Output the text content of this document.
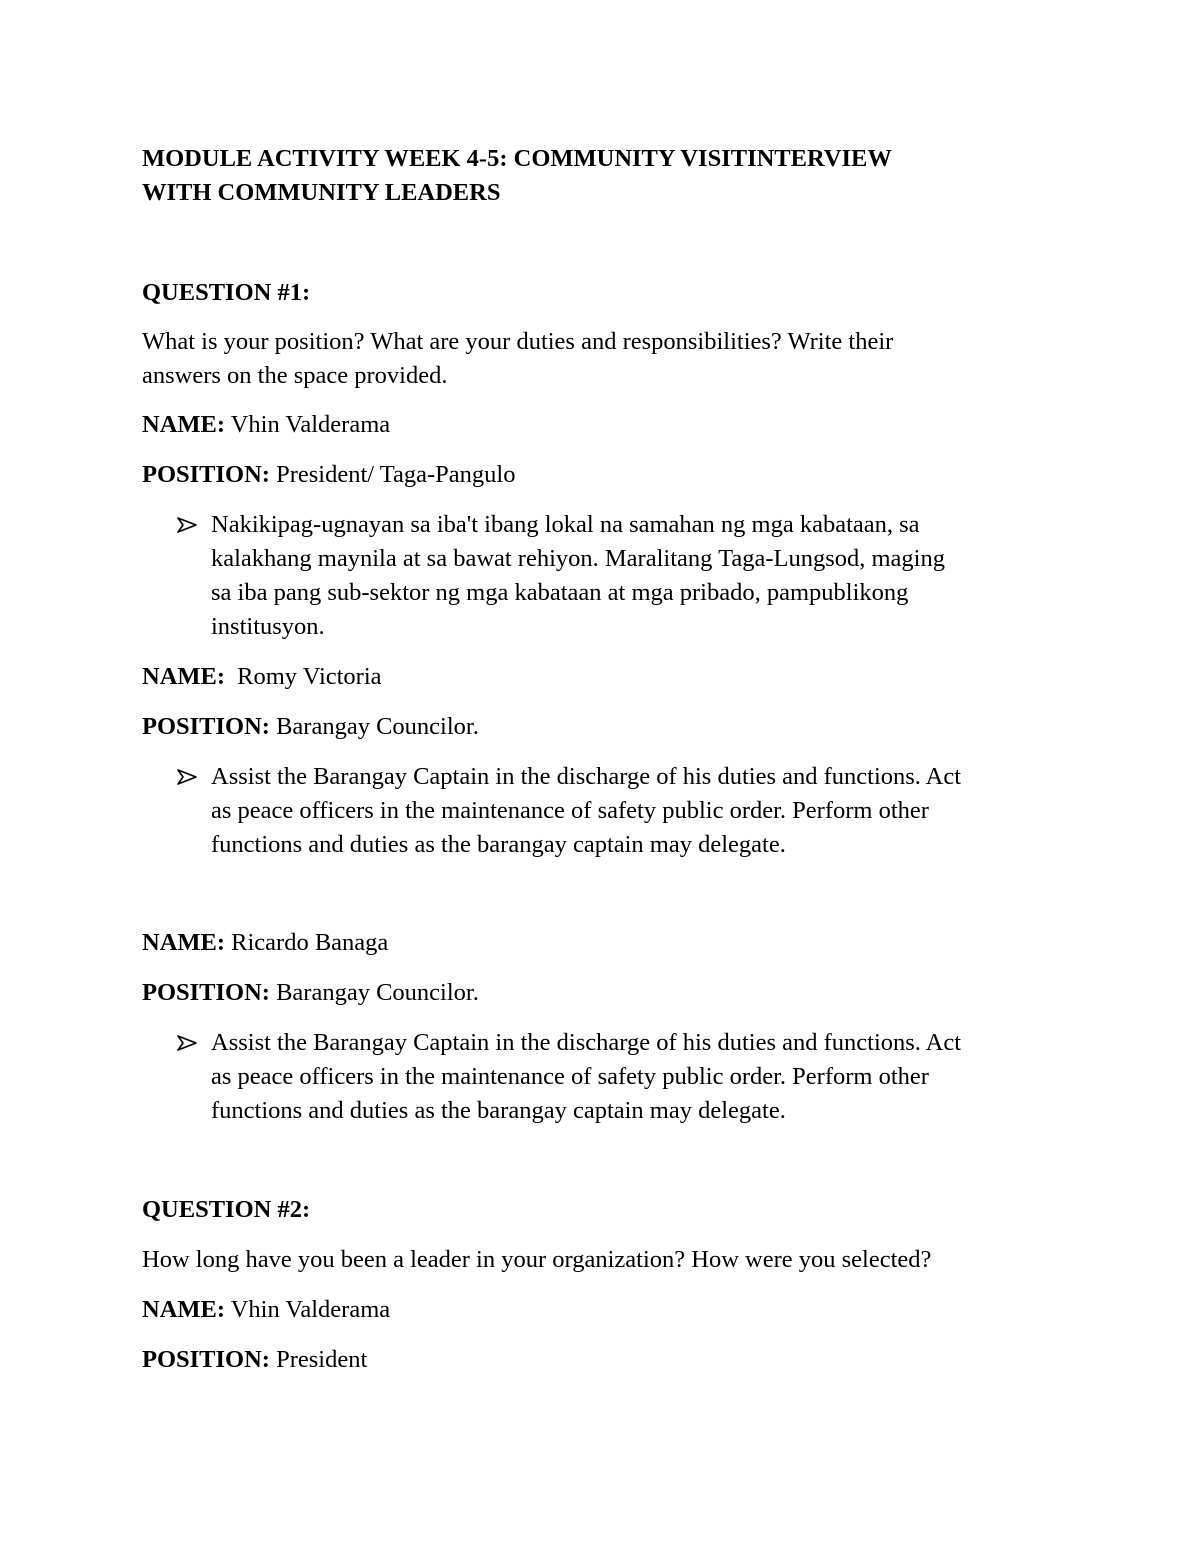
MODULE ACTIVITY WEEK 4-5: COMMUNITY VISITINTERVIEW
WITH COMMUNITY LEADERS
QUESTION #1:
What is your position? What are your duties and responsibilities? Write their
answers on the space provided.
NAME: Vhin Valderama
POSITION: President/ Taga-Pangulo
Nakikipag-ugnayan sa iba't ibang lokal na samahan ng mga kabataan, sa
kalakhang maynila at sa bawat rehiyon. Maralitang Taga-Lungsod, maging
sa iba pang sub-sektor ng mga kabataan at mga pribado, pampublikong
institusyon.
NAME: Romy Victoria
POSITION: Barangay Councilor.
Assist the Barangay Captain in the discharge of his duties and functions. Act
as peace officers in the maintenance of safety public order. Perform other
functions and duties as the barangay captain may delegate.
NAME: Ricardo Banaga
POSITION: Barangay Councilor.
Assist the Barangay Captain in the discharge of his duties and functions. Act
as peace officers in the maintenance of safety public order. Perform other
functions and duties as the barangay captain may delegate.
QUESTION #2:
How long have you been a leader in your organization? How were you selected?
NAME: Vhin Valderama
POSITION: President
